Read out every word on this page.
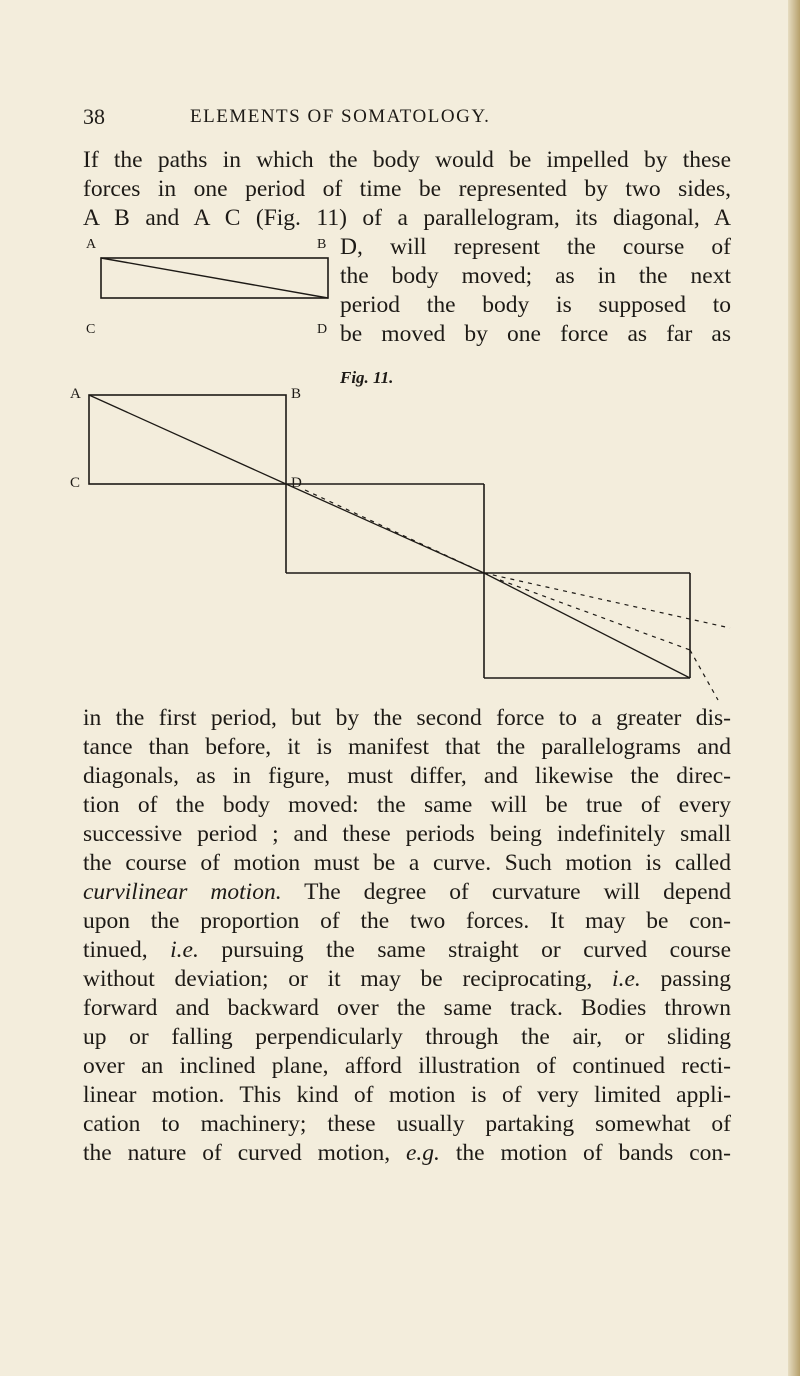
38	ELEMENTS OF SOMATOLOGY.
If the paths in which the body would be impelled by these
forces in one period of time be represented by two sides,
A B and A C (Fig. 11) of a parallelogram, its diagonal, A
D, will represent the course of
the body moved; as in the next
period the body is supposed to
be moved by one force as far as
A	B
C	D
Fig. 11.
A	B
C	D
in the first period, but by the second force to a greater dis-
tance than before, it is manifest that the parallelograms and
diagonals, as in figure, must differ, and likewise the direc-
tion of the body moved: the same will be true of every
successive period ; and these periods being indefinitely small
the course of motion must be a curve. Such motion is called
curvilinear motion. The degree of curvature will depend
upon the proportion of the two forces. It may be con-
tinued, i.e. pursuing the same straight or curved course
without deviation; or it may be reciprocating, i.e. passing
forward and backward over the same track. Bodies thrown
up or falling perpendicularly through the air, or sliding
over an inclined plane, afford illustration of continued recti-
linear motion. This kind of motion is of very limited appli-
cation to machinery; these usually partaking somewhat of
the nature of curved motion, e.g. the motion of bands con-
